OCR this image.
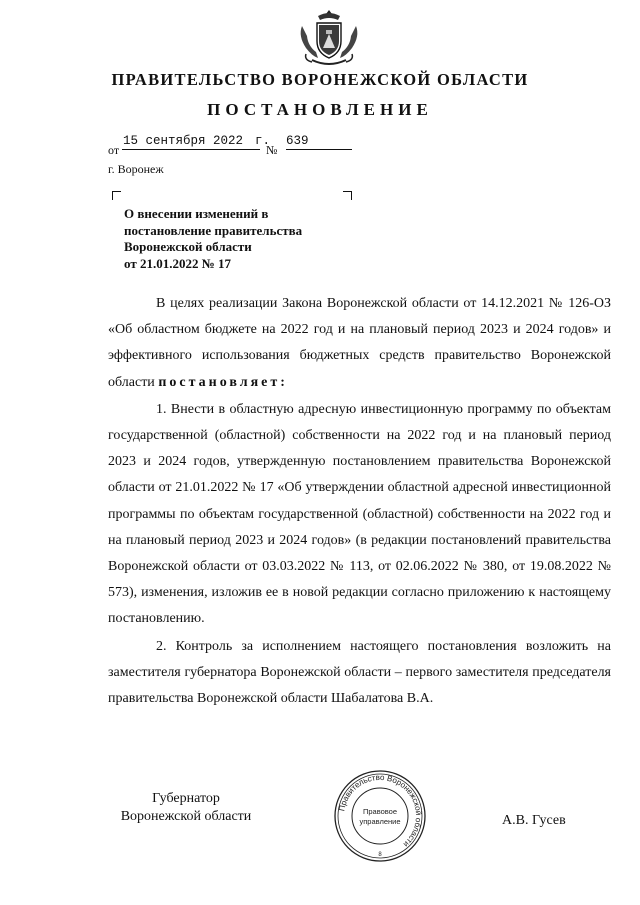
ПРАВИТЕЛЬСТВО ВОРОНЕЖСКОЙ ОБЛАСТИ
ПОСТАНОВЛЕНИЕ
от
15 сентября 2022 г.
№
639
г. Воронеж
О внесении изменений в
постановление правительства
Воронежской области
от 21.01.2022 № 17

В целях реализации Закона Воронежской области от 14.12.2021 № 126-ОЗ «Об областном бюджете на 2022 год и на плановый период 2023 и 2024 годов» и эффективного использования бюджетных средств правительство Воронежской области постановляет:

1. Внести в областную адресную инвестиционную программу по объектам государственной (областной) собственности на 2022 год и на плановый период 2023 и 2024 годов, утвержденную постановлением правительства Воронежской области от 21.01.2022 № 17 «Об утверждении областной адресной инвестиционной программы по объектам государственной (областной) собственности на 2022 год и на плановый период 2023 и 2024 годов» (в редакции постановлений правительства Воронежской области от 03.03.2022 № 113, от 02.06.2022 № 380, от 19.08.2022 № 573), изменения, изложив ее в новой редакции согласно приложению к настоящему постановлению.

2. Контроль за исполнением настоящего постановления возложить на заместителя губернатора Воронежской области – первого заместителя председателя правительства Воронежской области Шабалатова В.А.

Губернатор
Воронежской области	А.В. Гусев
Правительство Воронежской области
Правовое
управление
8
